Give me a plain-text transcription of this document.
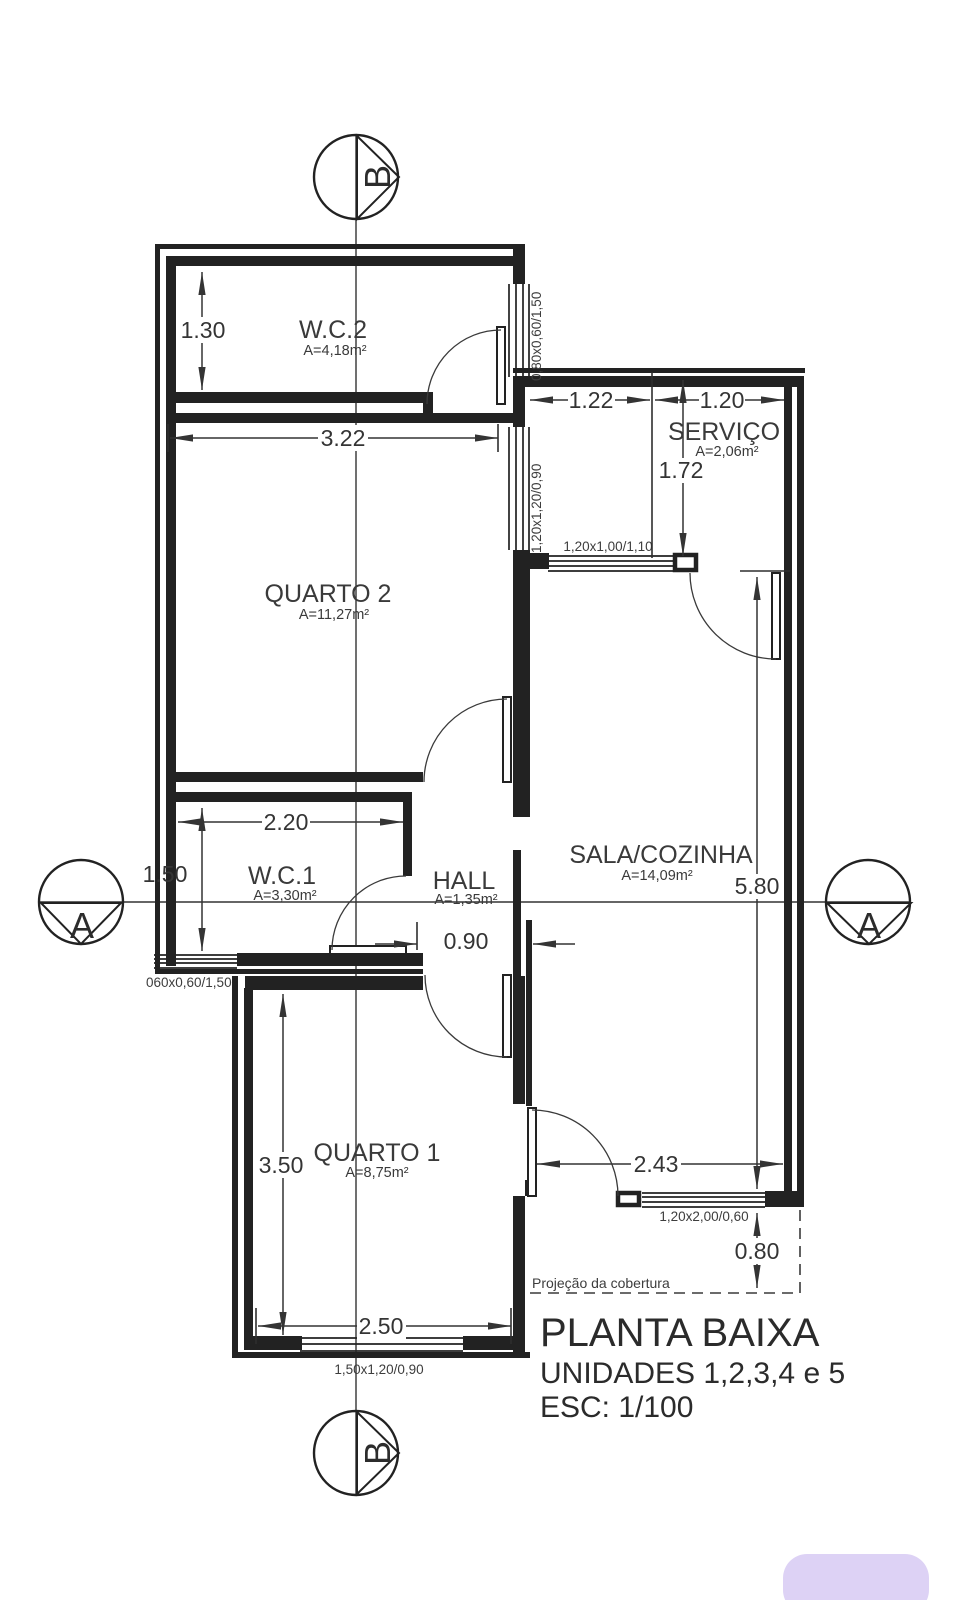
0,80x0,60/1,50
1,20x1,20/0,90 1,20x1,00/1,10
060x0,60/1,50
1,20x2,00/0,60
1,50x1,20/0,90
1.30
3.22
1.22	1.20
1.72
5.80
2.20
1.50
0.90
3.50
2.50
2.43
0.80
W.C.2
A=4,18m²
QUARTO 2
A=11,27m²
SERVIÇO
A=2,06m²
SALA/COZINHA
A=14,09m²
W.C.1
A=3,30m²
HALL
A=1,35m²
QUARTO 1
A=8,75m²
B
B
A	A
Projeção da cobertura
PLANTA BAIXA
UNIDADES 1,2,3,4 e 5
ESC: 1/100
